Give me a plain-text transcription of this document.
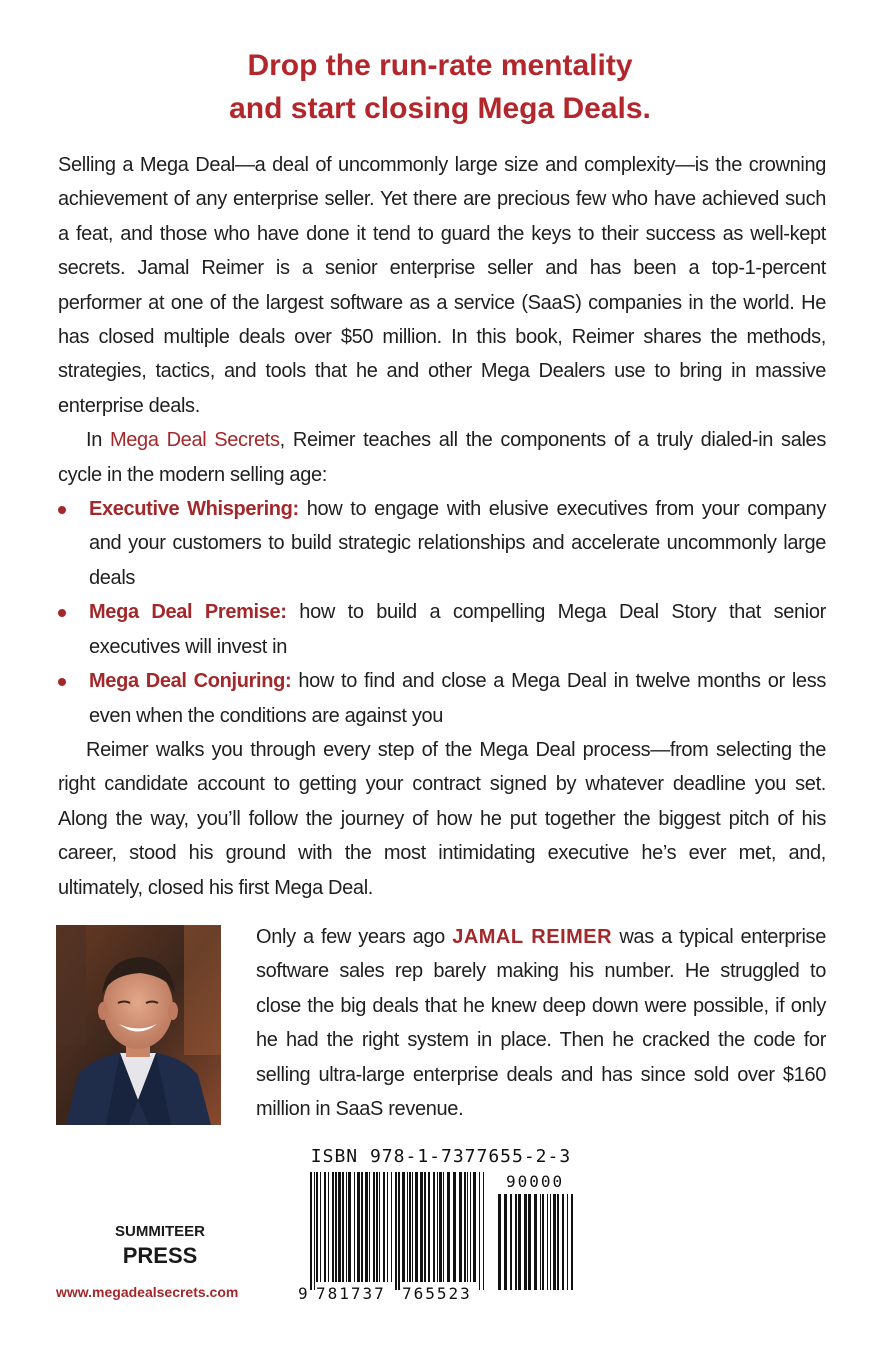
Drop the run-rate mentality
and start closing Mega Deals.

Selling a Mega Deal—a deal of uncommonly large size and complexity—is the crowning achievement of any enterprise seller. Yet there are precious few who have achieved such a feat, and those who have done it tend to guard the keys to their success as well-kept secrets. Jamal Reimer is a senior enterprise seller and has been a top-1-percent performer at one of the largest software as a service (SaaS) companies in the world. He has closed multiple deals over $50 million. In this book, Reimer shares the methods, strategies, tactics, and tools that he and other Mega Dealers use to bring in massive enterprise deals.

In Mega Deal Secrets, Reimer teaches all the components of a truly dialed-in sales cycle in the modern selling age:

Executive Whispering: how to engage with elusive executives from your company and your customers to build strategic relationships and accelerate uncommonly large deals
Mega Deal Premise: how to build a compelling Mega Deal Story that senior executives will invest in
Mega Deal Conjuring: how to find and close a Mega Deal in twelve months or less even when the conditions are against you

Reimer walks you through every step of the Mega Deal process—from selecting the right candidate account to getting your contract signed by whatever deadline you set. Along the way, you’ll follow the journey of how he put together the biggest pitch of his career, stood his ground with the most intimidating executive he’s ever met, and, ultimately, closed his first Mega Deal.

Only a few years ago JAMAL REIMER was a typical enterprise software sales rep barely making his number. He struggled to close the big deals that he knew deep down were possible, if only he had the right system in place. Then he cracked the code for selling ultra-large enterprise deals and has since sold over $160 million in SaaS revenue.
SUMMITEER
PRESS
www.megadealsecrets.com
ISBN 978-1-7377655-2-3
9 781737 765523
90000
